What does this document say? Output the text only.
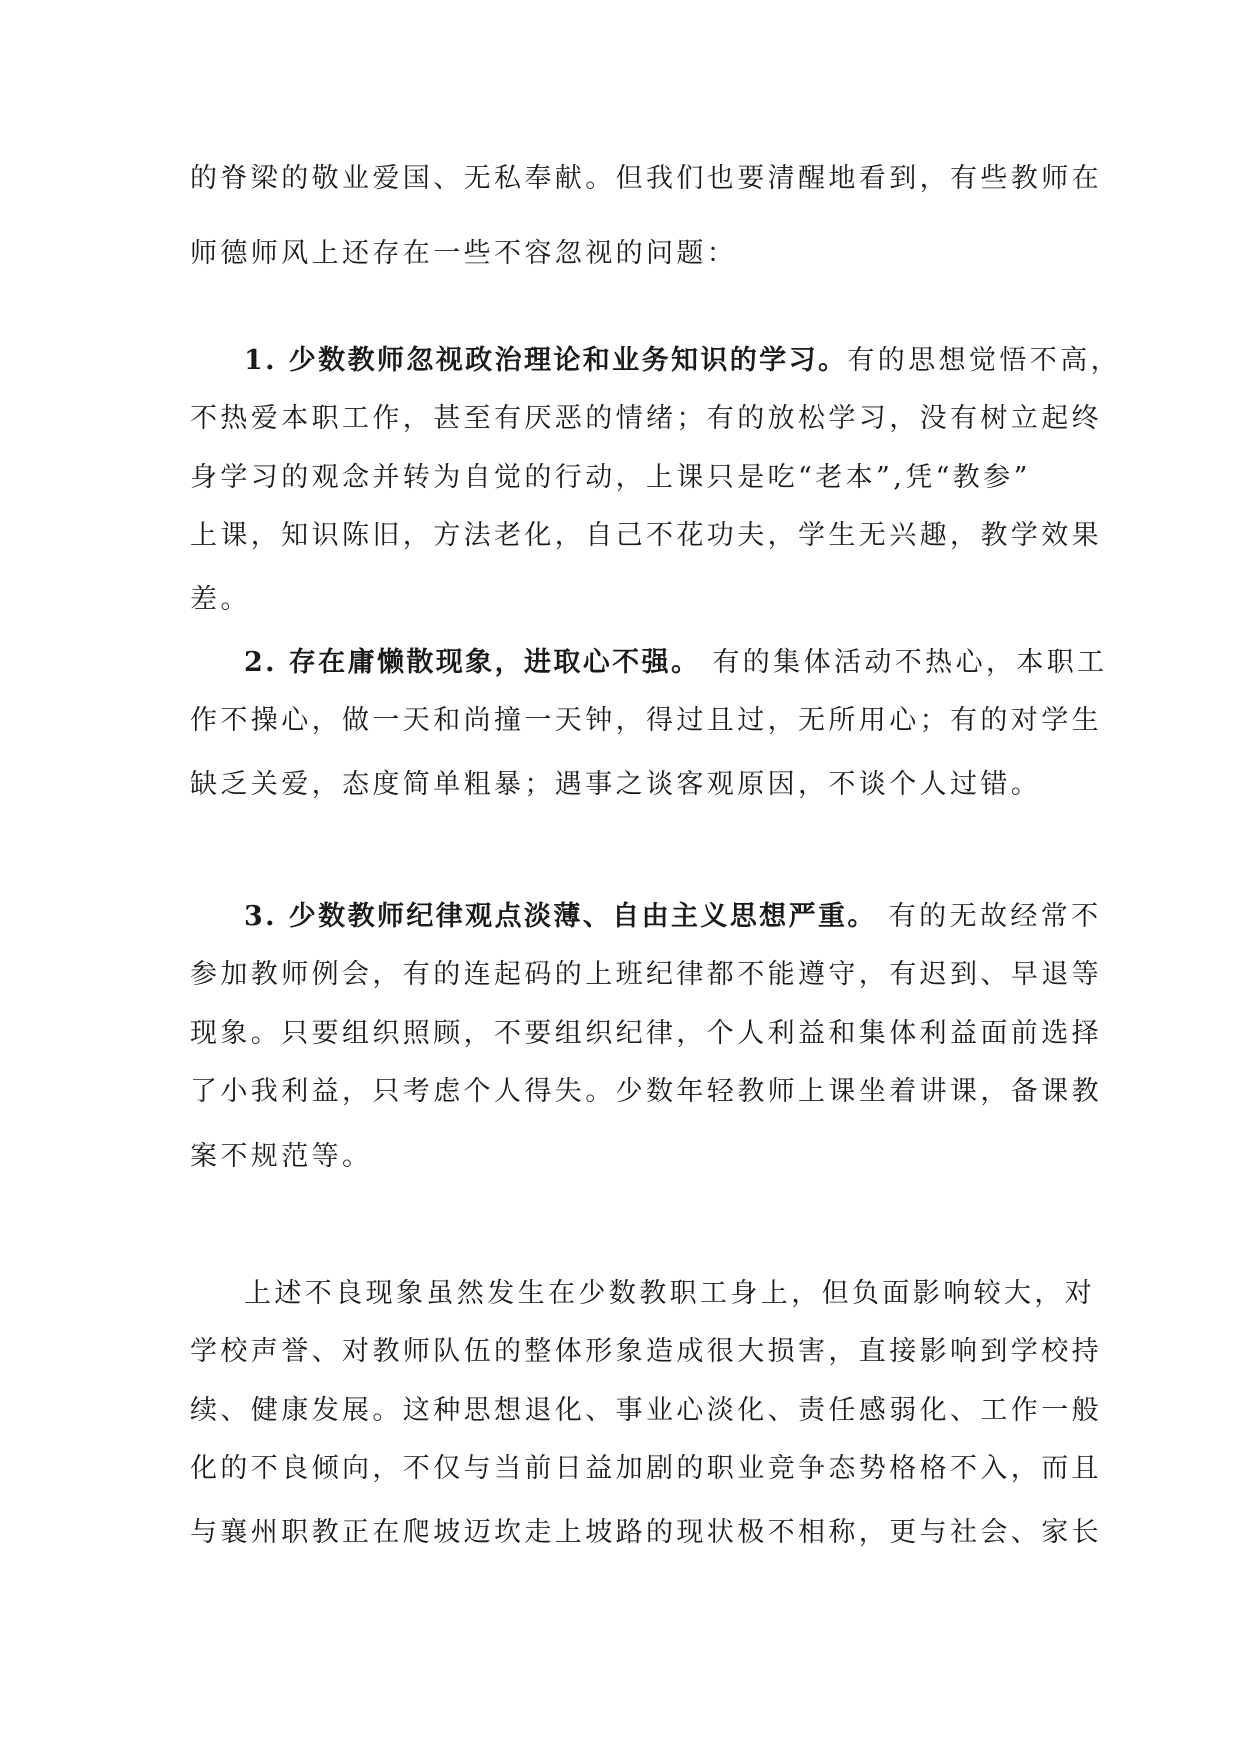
的脊梁的敬业爱国、无私奉献。但我们也要清醒地看到，有些教师在
师德师风上还存在一些不容忽视的问题：
1. 少数教师忽视政治理论和业务知识的学习。有的思想觉悟不高，
不热爱本职工作，甚至有厌恶的情绪；有的放松学习，没有树立起终
身学习的观念并转为自觉的行动，上课只是吃“老本”,凭“教参”
上课，知识陈旧，方法老化，自己不花功夫，学生无兴趣，教学效果
差。
2. 存在庸懒散现象，进取心不强。 有的集体活动不热心，本职工
作不操心，做一天和尚撞一天钟，得过且过，无所用心；有的对学生
缺乏关爱，态度简单粗暴；遇事之谈客观原因，不谈个人过错。
3. 少数教师纪律观点淡薄、自由主义思想严重。 有的无故经常不
参加教师例会，有的连起码的上班纪律都不能遵守，有迟到、早退等
现象。只要组织照顾，不要组织纪律，个人利益和集体利益面前选择
了小我利益，只考虑个人得失。少数年轻教师上课坐着讲课，备课教
案不规范等。
上述不良现象虽然发生在少数教职工身上，但负面影响较大，对
学校声誉、对教师队伍的整体形象造成很大损害，直接影响到学校持
续、健康发展。这种思想退化、事业心淡化、责任感弱化、工作一般
化的不良倾向，不仅与当前日益加剧的职业竞争态势格格不入，而且
与襄州职教正在爬坡迈坎走上坡路的现状极不相称，更与社会、家长
